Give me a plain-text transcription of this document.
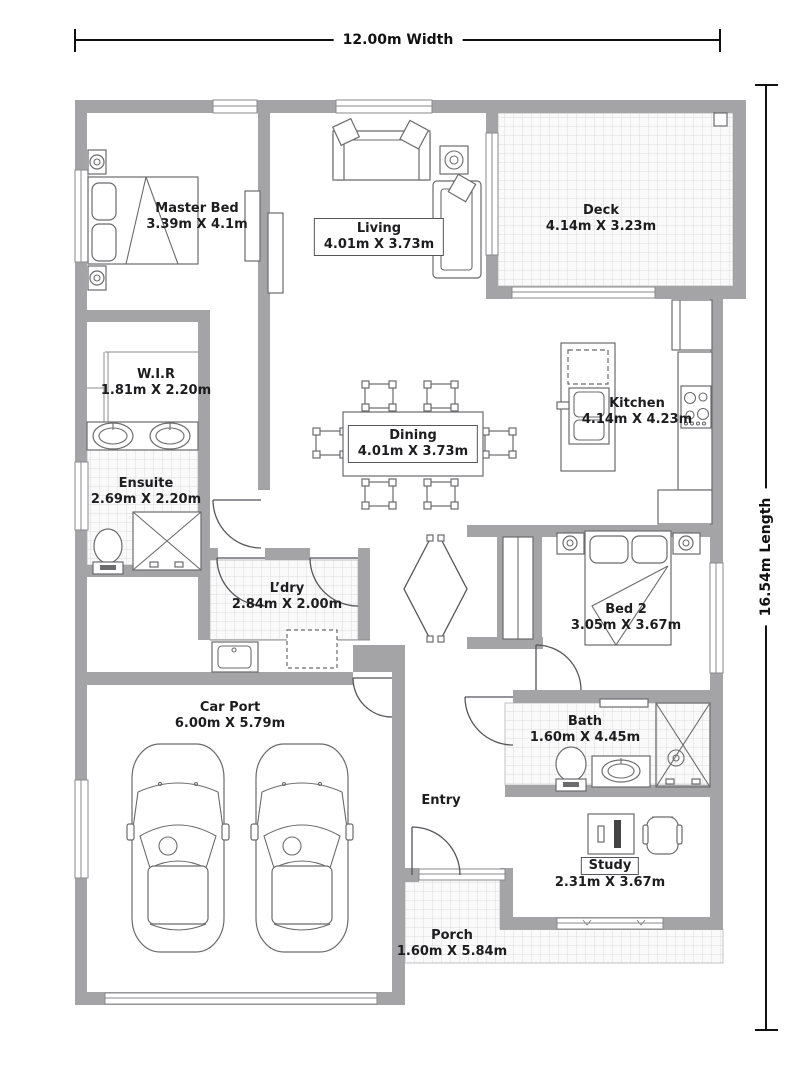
12.00m Width
16.54m Length
Master Bed
3.39m X 4.1m	Living
4.01m X 3.73m
Deck
4.14m X 3.23m
W.I.R
1.81m X 2.20m
Ensuite
2.69m X 2.20m
Dining
4.01m X 3.73m
Kitchen
4.14m X 4.23m
L’dry
2.84m X 2.00m	Bed 2
3.05m X 3.67m
Car Port
6.00m X 5.79m	Bath
1.60m X 4.45m
Entry
Study
2.31m X 3.67m
Porch
1.60m X 5.84m
